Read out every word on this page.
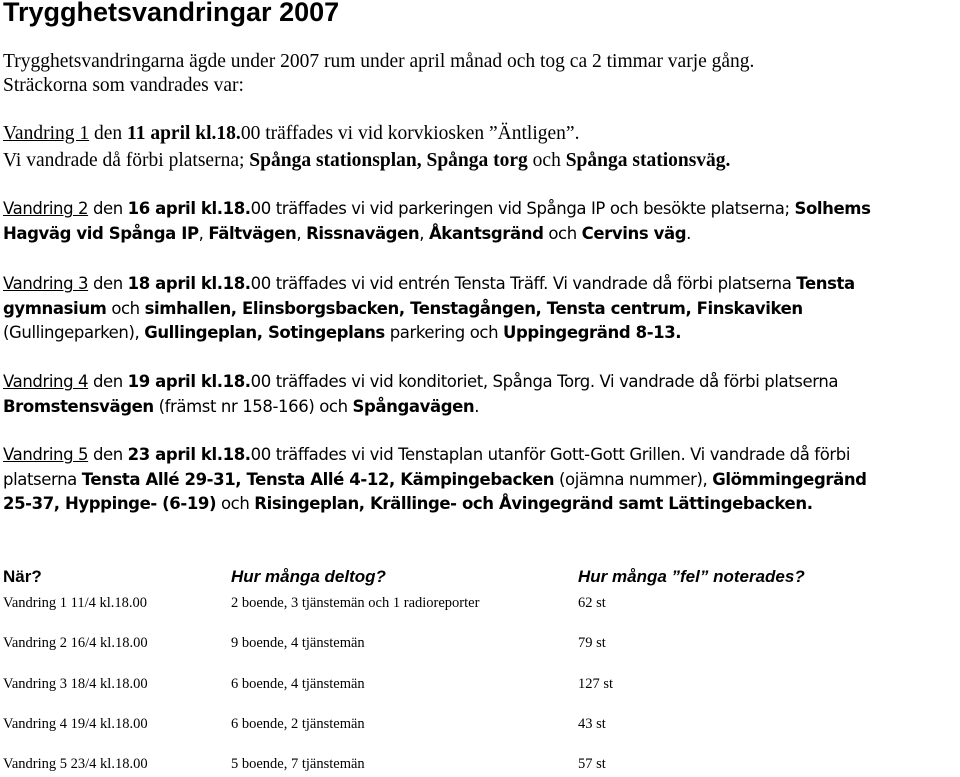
Trygghetsvandringar 2007
Trygghetsvandringarna ägde under 2007 rum under april månad och tog ca 2 timmar varje gång.
Sträckorna som vandrades var:
Vandring 1 den 11 april kl.18.00 träffades vi vid korvkiosken ”Äntligen”.
Vi vandrade då förbi platserna; Spånga stationsplan, Spånga torg och Spånga stationsväg.
Vandring 2 den 16 april kl.18.00 träffades vi vid parkeringen vid Spånga IP och besökte platserna; Solhems
Hagväg vid Spånga IP, Fältvägen, Rissnavägen, Åkantsgränd och Cervins väg.
Vandring 3 den 18 april kl.18.00 träffades vi vid entrén Tensta Träff. Vi vandrade då förbi platserna Tensta
gymnasium och simhallen, Elinsborgsbacken, Tenstagången, Tensta centrum, Finskaviken
(Gullingeparken), Gullingeplan, Sotingeplans parkering och Uppingegränd 8-13.
Vandring 4 den 19 april kl.18.00 träffades vi vid konditoriet, Spånga Torg. Vi vandrade då förbi platserna
Bromstensvägen (främst nr 158-166) och Spångavägen.
Vandring 5 den 23 april kl.18.00 träffades vi vid Tenstaplan utanför Gott-Gott Grillen. Vi vandrade då förbi
platserna Tensta Allé 29-31, Tensta Allé 4-12, Kämpingebacken (ojämna nummer), Glömmingegränd
25-37, Hyppinge- (6-19) och Risingeplan, Krällinge- och Åvingegränd samt Lättingebacken.
När?	Hur många deltog?	Hur många ”fel” noterades?
Vandring 1 11/4 kl.18.00	2 boende, 3 tjänstemän och 1 radioreporter	62 st
Vandring 2 16/4 kl.18.00	9 boende, 4 tjänstemän	79 st
Vandring 3 18/4 kl.18.00	6 boende, 4 tjänstemän	127 st
Vandring 4 19/4 kl.18.00	6 boende, 2 tjänstemän	43 st
Vandring 5 23/4 kl.18.00	5 boende, 7 tjänstemän	57 st
